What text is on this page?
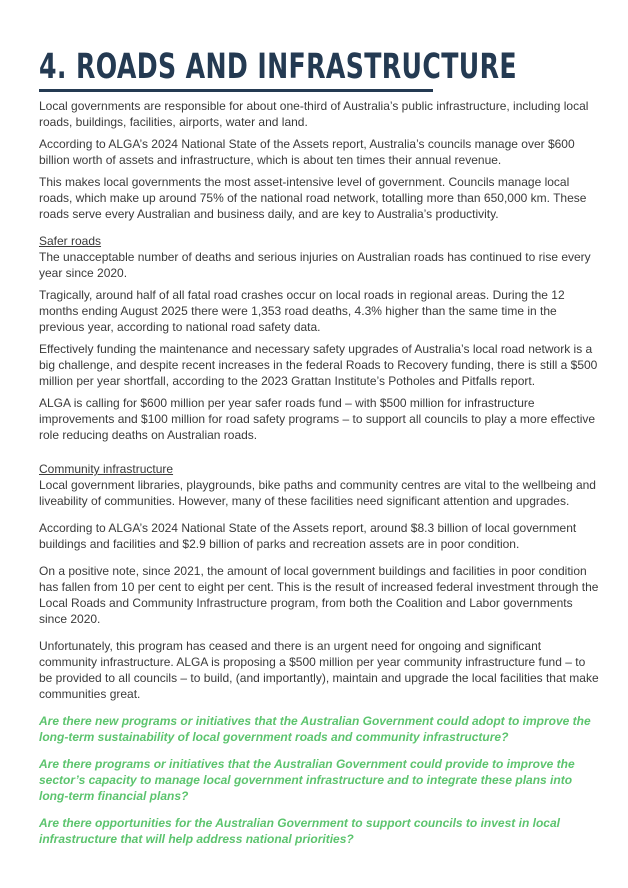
4. ROADS AND INFRASTRUCTURE

Local governments are responsible for about one-third of Australia’s public infrastructure, including local roads, buildings, facilities, airports, water and land.

According to ALGA’s 2024 National State of the Assets report, Australia’s councils manage over $600 billion worth of assets and infrastructure, which is about ten times their annual revenue.

This makes local governments the most asset-intensive level of government. Councils manage local roads, which make up around 75% of the national road network, totalling more than 650,000 km. These roads serve every Australian and business daily, and are key to Australia’s productivity.

Safer roads

The unacceptable number of deaths and serious injuries on Australian roads has continued to rise every year since 2020.

Tragically, around half of all fatal road crashes occur on local roads in regional areas. During the 12 months ending August 2025 there were 1,353 road deaths, 4.3% higher than the same time in the previous year, according to national road safety data.

Effectively funding the maintenance and necessary safety upgrades of Australia’s local road network is a big challenge, and despite recent increases in the federal Roads to Recovery funding, there is still a $500 million per year shortfall, according to the 2023 Grattan Institute’s Potholes and Pitfalls report.

ALGA is calling for $600 million per year safer roads fund – with $500 million for infrastructure improvements and $100 million for road safety programs – to support all councils to play a more effective role reducing deaths on Australian roads.

Community infrastructure

Local government libraries, playgrounds, bike paths and community centres are vital to the wellbeing and liveability of communities. However, many of these facilities need significant attention and upgrades.

According to ALGA’s 2024 National State of the Assets report, around $8.3 billion of local government buildings and facilities and $2.9 billion of parks and recreation assets are in poor condition.

On a positive note, since 2021, the amount of local government buildings and facilities in poor condition has fallen from 10 per cent to eight per cent. This is the result of increased federal investment through the Local Roads and Community Infrastructure program, from both the Coalition and Labor governments since 2020.

Unfortunately, this program has ceased and there is an urgent need for ongoing and significant community infrastructure. ALGA is proposing a $500 million per year community infrastructure fund – to be provided to all councils – to build, (and importantly), maintain and upgrade the local facilities that make communities great.

Are there new programs or initiatives that the Australian Government could adopt to improve the long-term sustainability of local government roads and community infrastructure?

Are there programs or initiatives that the Australian Government could provide to improve the sector’s capacity to manage local government infrastructure and to integrate these plans into long-term financial plans?

Are there opportunities for the Australian Government to support councils to invest in local infrastructure that will help address national priorities?
